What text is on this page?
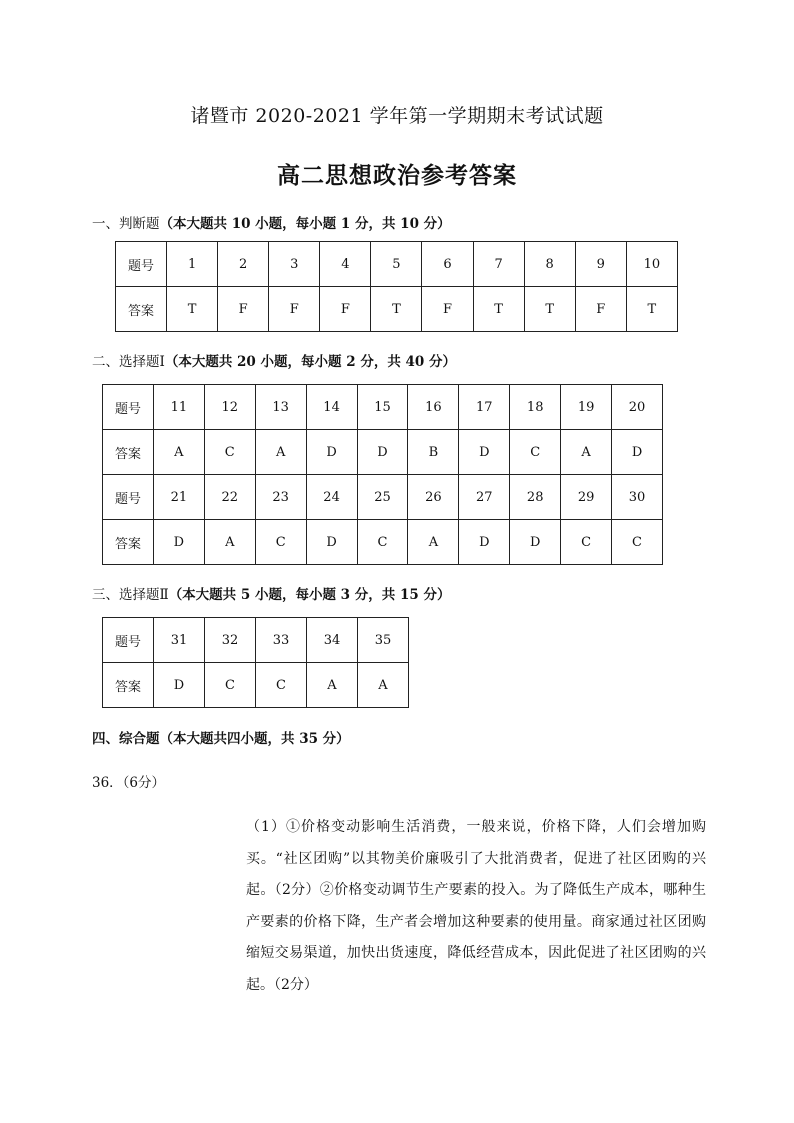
诸暨市 2020-2021 学年第一学期期末考试试题
高二思想政治参考答案
一、判断题（本大题共 10 小题，每小题 1 分，共 10 分）
题号	1	2	3	4	5	6	7	8	9	10
答案	T	F	F	F	T	F	T	T	F	T
二、选择题Ⅰ（本大题共 20 小题，每小题 2 分，共 40 分）
题号	11	12	13	14	15	16	17	18	19	20
答案	A	C	A	D	D	B	D	C	A	D
题号	21	22	23	24	25	26	27	28	29	30
答案	D	A	C	D	C	A	D	D	C	C
三、选择题Ⅱ（本大题共 5 小题，每小题 3 分，共 15 分）
题号	31	32	33	34	35
答案	D	C	C	A	A
四、综合题（本大题共四小题，共 35 分）
36．（6分）
（1）①价格变动影响生活消费，一般来说，价格下降，人们会增加购买。“社区团购”以其物美价廉吸引了大批消费者，促进了社区团购的兴起。（2分）②价格变动调节生产要素的投入。为了降低生产成本，哪种生产要素的价格下降，生产者会增加这种要素的使用量。商家通过社区团购缩短交易渠道，加快出货速度，降低经营成本，因此促进了社区团购的兴起。（2分）
